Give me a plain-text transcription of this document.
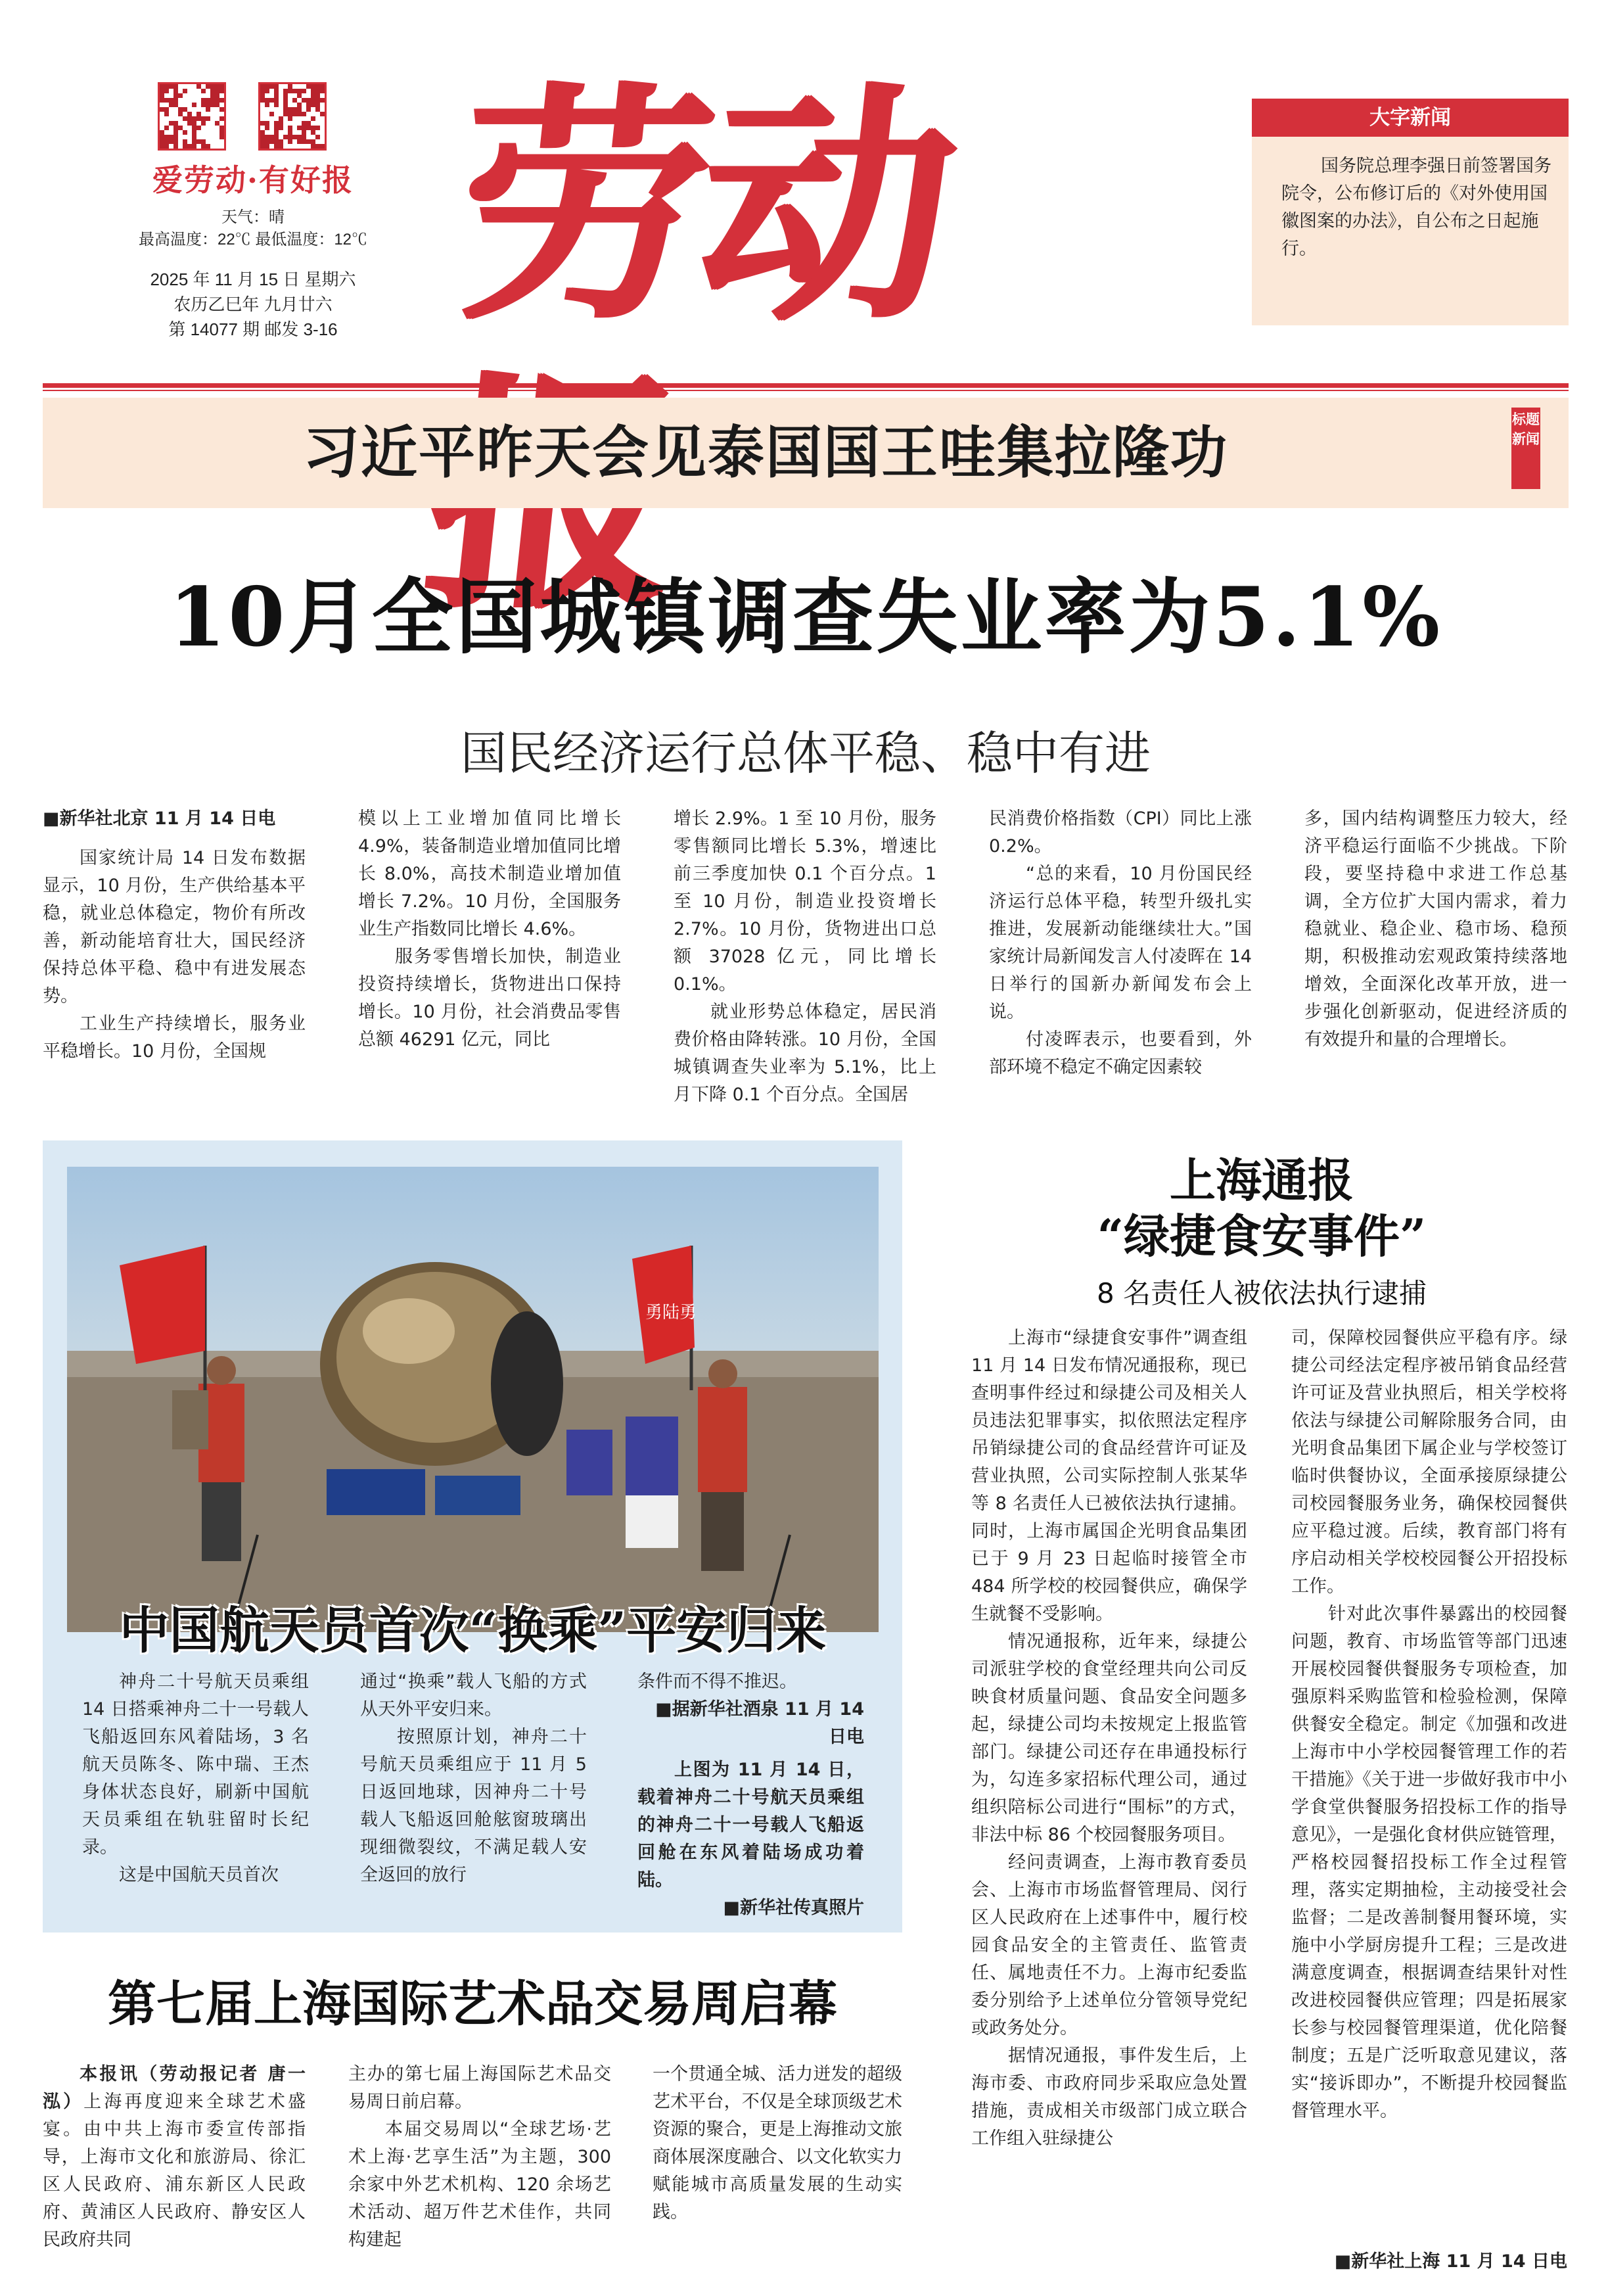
爱劳动·有好报
天气：晴
最高温度：22℃ 最低温度：12℃
2025 年 11 月 15 日 星期六
农历乙巳年 九月廿六
第 14077 期 邮发 3-16 劳动报
大字新闻
国务院总理李强日前签署国务院令，公布修订后的《对外使用国徽图案的办法》，自公布之日起施行。
习近平昨天会见泰国国王哇集拉隆功	标题新闻
10月全国城镇调查失业率为5.1%
国民经济运行总体平稳、稳中有进
■新华社北京 11 月 14 日电

国家统计局 14 日发布数据显示，10 月份，生产供给基本平稳，就业总体稳定，物价有所改善，新动能培育壮大，国民经济保持总体平稳、稳中有进发展态势。

工业生产持续增长，服务业平稳增长。10 月份，全国规

模以上工业增加值同比增长 4.9%，装备制造业增加值同比增长 8.0%，高技术制造业增加值增长 7.2%。10 月份，全国服务业生产指数同比增长 4.6%。

服务零售增长加快，制造业投资持续增长，货物进出口保持增长。10 月份，社会消费品零售总额 46291 亿元，同比

增长 2.9%。1 至 10 月份，服务零售额同比增长 5.3%，增速比前三季度加快 0.1 个百分点。1 至 10 月份，制造业投资增长 2.7%。10 月份，货物进出口总额 37028 亿元，同比增长 0.1%。

就业形势总体稳定，居民消费价格由降转涨。10 月份，全国城镇调查失业率为 5.1%，比上月下降 0.1 个百分点。全国居

民消费价格指数（CPI）同比上涨 0.2%。

“总的来看，10 月份国民经济运行总体平稳，转型升级扎实推进，发展新动能继续壮大。”国家统计局新闻发言人付凌晖在 14 日举行的国新办新闻发布会上说。

付凌晖表示，也要看到，外部环境不稳定不确定因素较

多，国内结构调整压力较大，经济平稳运行面临不少挑战。下阶段，要坚持稳中求进工作总基调，全方位扩大国内需求，着力稳就业、稳企业、稳市场、稳预期，积极推动宏观政策持续落地增效，全面深化改革开放，进一步强化创新驱动，促进经济质的有效提升和量的合理增长。

勇陆勇
中国航天员首次“换乘”平安归来

神舟二十号航天员乘组 14 日搭乘神舟二十一号载人飞船返回东风着陆场，3 名航天员陈冬、陈中瑞、王杰身体状态良好，刷新中国航天员乘组在轨驻留时长纪录。

这是中国航天员首次

通过“换乘”载人飞船的方式从天外平安归来。

按照原计划，神舟二十号航天员乘组应于 11 月 5 日返回地球，因神舟二十号载人飞船返回舱舷窗玻璃出现细微裂纹，不满足载人安全返回的放行

条件而不得不推迟。

■据新华社酒泉 11 月 14 日电

上图为 11 月 14 日，载着神舟二十号航天员乘组的神舟二十一号载人飞船返回舱在东风着陆场成功着陆。

■新华社传真照片

上海通报
“绿捷食安事件”
8 名责任人被依法执行逮捕

上海市“绿捷食安事件”调查组 11 月 14 日发布情况通报称，现已查明事件经过和绿捷公司及相关人员违法犯罪事实，拟依照法定程序吊销绿捷公司的食品经营许可证及营业执照，公司实际控制人张某华等 8 名责任人已被依法执行逮捕。同时，上海市属国企光明食品集团已于 9 月 23 日起临时接管全市 484 所学校的校园餐供应，确保学生就餐不受影响。

情况通报称，近年来，绿捷公司派驻学校的食堂经理共向公司反映食材质量问题、食品安全问题多起，绿捷公司均未按规定上报监管部门。绿捷公司还存在串通投标行为，勾连多家招标代理公司，通过组织陪标公司进行“围标”的方式，非法中标 86 个校园餐服务项目。

经问责调查，上海市教育委员会、上海市市场监督管理局、闵行区人民政府在上述事件中，履行校园食品安全的主管责任、监管责任、属地责任不力。上海市纪委监委分别给予上述单位分管领导党纪或政务处分。

据情况通报，事件发生后，上海市委、市政府同步采取应急处置措施，责成相关市级部门成立联合工作组入驻绿捷公

司，保障校园餐供应平稳有序。绿捷公司经法定程序被吊销食品经营许可证及营业执照后，相关学校将依法与绿捷公司解除服务合同，由光明食品集团下属企业与学校签订临时供餐协议，全面承接原绿捷公司校园餐服务业务，确保校园餐供应平稳过渡。后续，教育部门将有序启动相关学校校园餐公开招投标工作。

针对此次事件暴露出的校园餐问题，教育、市场监管等部门迅速开展校园餐供餐服务专项检查，加强原料采购监管和检验检测，保障供餐安全稳定。制定《加强和改进上海市中小学校园餐管理工作的若干措施》《关于进一步做好我市中小学食堂供餐服务招投标工作的指导意见》，一是强化食材供应链管理，严格校园餐招投标工作全过程管理，落实定期抽检，主动接受社会监督；二是改善制餐用餐环境，实施中小学厨房提升工程；三是改进满意度调查，根据调查结果针对性改进校园餐供应管理；四是拓展家长参与校园餐管理渠道，优化陪餐制度；五是广泛听取意见建议，落实“接诉即办”，不断提升校园餐监督管理水平。

■新华社上海 11 月 14 日电

第七届上海国际艺术品交易周启幕

本报讯（劳动报记者 唐一泓）上海再度迎来全球艺术盛宴。由中共上海市委宣传部指导，上海市文化和旅游局、徐汇区人民政府、浦东新区人民政府、黄浦区人民政府、静安区人民政府共同

主办的第七届上海国际艺术品交易周日前启幕。

本届交易周以“全球艺场·艺术上海·艺享生活”为主题，300 余家中外艺术机构、120 余场艺术活动、超万件艺术佳作，共同构建起

一个贯通全城、活力迸发的超级艺术平台，不仅是全球顶级艺术资源的聚合，更是上海推动文旅商体展深度融合、以文化软实力赋能城市高质量发展的生动实践。
